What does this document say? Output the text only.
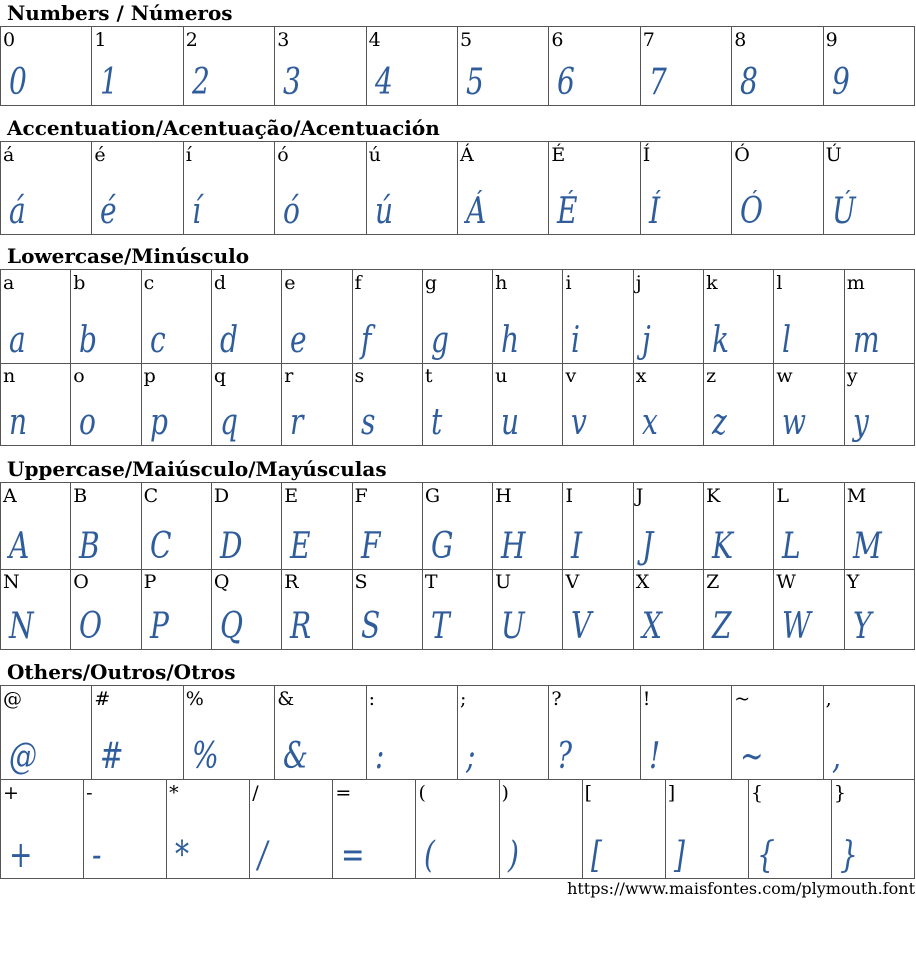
Numbers / Números
0
0
1
1
2
2
3
3
4
4
5
5
6
6
7
7
8
8
9
9
Accentuation/Acentuação/Acentuación
á
á
é
é
í
í
ó
ó
ú
ú
Á
Á
É
É
Í
Í
Ó
Ó
Ú
Ú
Lowercase/Minúsculo
a
a
b
b
c
c
d
d
e
e
f
f
g
g
h
h
i
i
j
j
k
k
l
l
m
m
n
n
o
o
p
p
q
q
r
r
s
s
t
t
u
u
v
v
x
x
z
z
w
w
y
y
Uppercase/Maiúsculo/Mayúsculas
A
A
B
B
C
C
D
D
E
E
F
F
G
G
H
H
I
I
J
J
K
K
L
L
M
M
N
N
O
O
P
P
Q
Q
R
R
S
S
T
T
U
U
V
V
X
X
Z
Z
W
W
Y
Y
Others/Outros/Otros
@
@
#
#
%
%
&
&
:
:
;
;
?
?
!
!
~
~
,
,
+
+
-
-
*
*
/
/
=
=
(
(
)
)
[
[
]
]
{
{
}
}
https://www.maisfontes.com/plymouth.font
